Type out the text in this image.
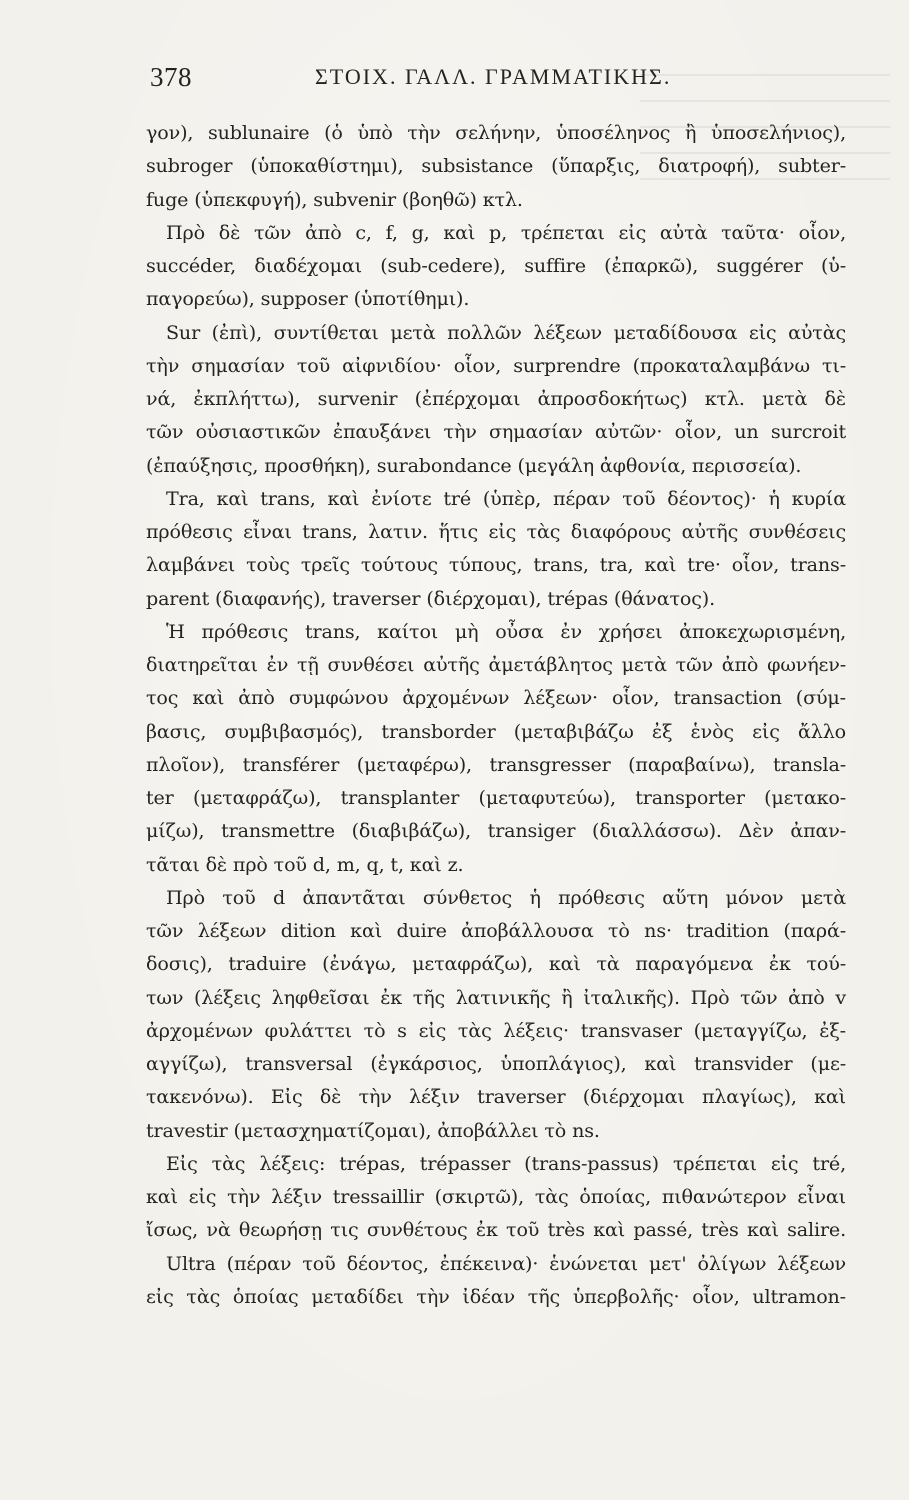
378	ΣΤΟΙΧ. ΓΑΛΛ. ΓΡΑΜΜΑΤΙΚΗΣ.
γον), sublunaire (ὁ ὑπὸ τὴν σελήνην, ὑποσέληνος ἢ ὑποσελήνιος),
subroger (ὑποκαθίστημι), subsistance (ὕπαρξις, διατροφή), subter-
fuge (ὑπεκφυγή), subvenir (βοηθῶ) κτλ.
Πρὸ δὲ τῶν ἀπὸ c, f, g, καὶ p, τρέπεται εἰς αὐτὰ ταῦτα· οἷον,
succéder, διαδέχομαι (sub-cedere), suffire (ἐπαρκῶ), suggérer (ὑ-
παγορεύω), supposer (ὑποτίθημι).
Sur (ἐπὶ), συντίθεται μετὰ πολλῶν λέξεων μεταδίδουσα εἰς αὐτὰς
τὴν σημασίαν τοῦ αἰφνιδίου· οἷον, surprendre (προκαταλαμβάνω τι-
νά, ἐκπλήττω), survenir (ἐπέρχομαι ἀπροσδοκήτως) κτλ. μετὰ δὲ
τῶν οὐσιαστικῶν ἐπαυξάνει τὴν σημασίαν αὐτῶν· οἷον, un surcroit
(ἐπαύξησις, προσθήκη), surabondance (μεγάλη ἀφθονία, περισσεία).
Tra, καὶ trans, καὶ ἐνίοτε tré (ὑπὲρ, πέραν τοῦ δέοντος)· ἡ κυρία
πρόθεσις εἶναι trans, λατιν. ἥτις εἰς τὰς διαφόρους αὐτῆς συνθέσεις
λαμβάνει τοὺς τρεῖς τούτους τύπους, trans, tra, καὶ tre· οἷον, trans-
parent (διαφανής), traverser (διέρχομαι), trépas (θάνατος).
Ἡ πρόθεσις trans, καίτοι μὴ οὖσα ἐν χρήσει ἀποκεχωρισμένη,
διατηρεῖται ἐν τῇ συνθέσει αὐτῆς ἀμετάβλητος μετὰ τῶν ἀπὸ φωνήεν-
τος καὶ ἀπὸ συμφώνου ἀρχομένων λέξεων· οἷον, transaction (σύμ-
βασις, συμβιβασμός), transborder (μεταβιβάζω ἐξ ἑνὸς εἰς ἄλλο
πλοῖον), transférer (μεταφέρω), transgresser (παραβαίνω), transla-
ter (μεταφράζω), transplanter (μεταφυτεύω), transporter (μετακο-
μίζω), transmettre (διαβιβάζω), transiger (διαλλάσσω). Δὲν ἀπαν-
τᾶται δὲ πρὸ τοῦ d, m, q, t, καὶ z.
Πρὸ τοῦ d ἀπαντᾶται σύνθετος ἡ πρόθεσις αὕτη μόνον μετὰ
τῶν λέξεων dition καὶ duire ἀποβάλλουσα τὸ ns· tradition (παρά-
δοσις), traduire (ἐνάγω, μεταφράζω), καὶ τὰ παραγόμενα ἐκ τού-
των (λέξεις ληφθεῖσαι ἐκ τῆς λατινικῆς ἢ ἰταλικῆς). Πρὸ τῶν ἀπὸ v
ἀρχομένων φυλάττει τὸ s εἰς τὰς λέξεις· transvaser (μεταγγίζω, ἐξ-
αγγίζω), transversal (ἐγκάρσιος, ὑποπλάγιος), καὶ transvider (με-
τακενόνω). Εἰς δὲ τὴν λέξιν traverser (διέρχομαι πλαγίως), καὶ
travestir (μετασχηματίζομαι), ἀποβάλλει τὸ ns.
Εἰς τὰς λέξεις: trépas, trépasser (trans-passus) τρέπεται εἰς tré,
καὶ εἰς τὴν λέξιν tressaillir (σκιρτῶ), τὰς ὁποίας, πιθανώτερον εἶναι
ἴσως, νὰ θεωρήσῃ τις συνθέτους ἐκ τοῦ très καὶ passé, très καὶ salire.
Ultra (πέραν τοῦ δέοντος, ἐπέκεινα)· ἑνώνεται μετ' ὀλίγων λέξεων
εἰς τὰς ὁποίας μεταδίδει τὴν ἰδέαν τῆς ὑπερβολῆς· οἷον, ultramon-
